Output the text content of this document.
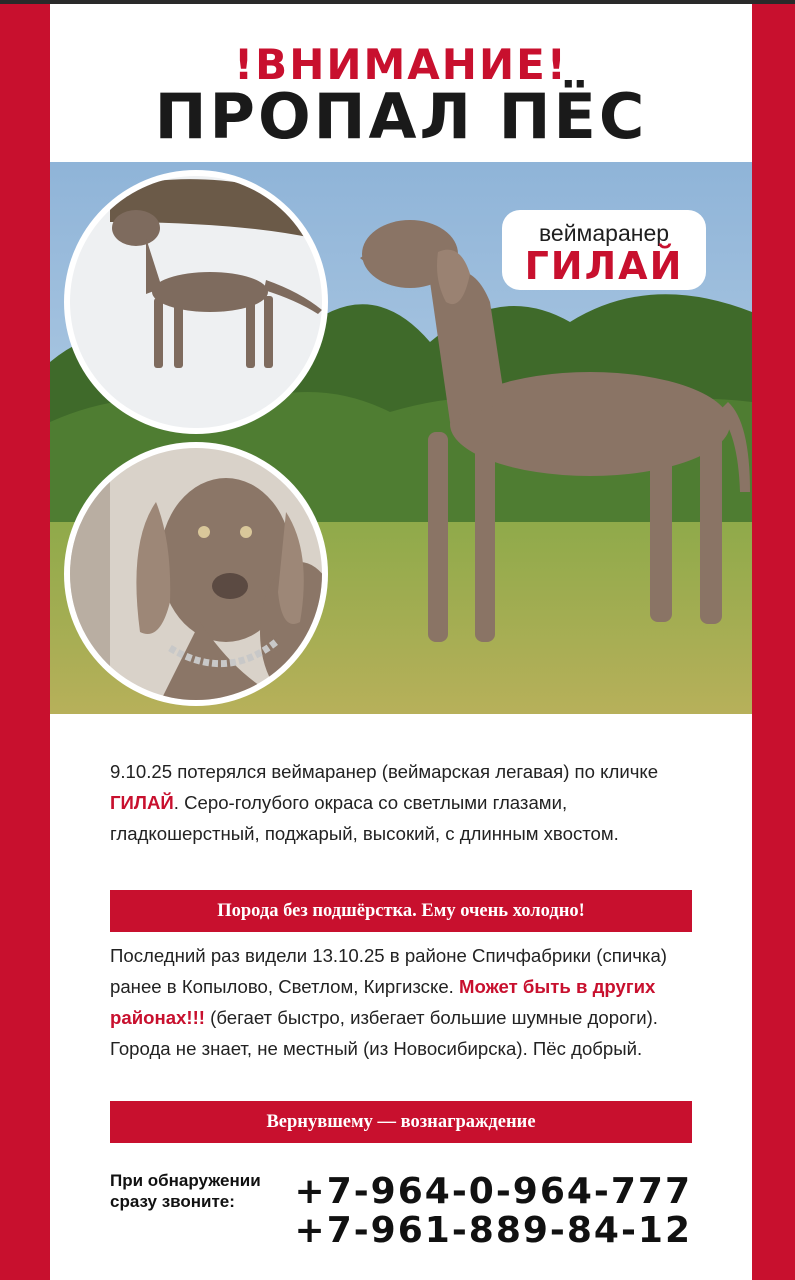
!ВНИМАНИЕ!
ПРОПАЛ ПЁС
веймаранер
ГИЛАЙ
9.10.25 потерялся веймаранер (веймарская легавая) по кличке ГИЛАЙ. Серо-голубого окраса со светлыми глазами, гладкошерстный, поджарый, высокий, с длинным хвостом.
Порода без подшёрстка. Ему очень холодно!
Последний раз видели 13.10.25 в районе Спичфабрики (спичка) ранее в Копылово, Светлом, Киргизске. Может быть в других районах!!! (бегает быстро, избегает большие шумные дороги). Города не знает, не местный (из Новосибирска). Пёс добрый.
Вернувшему — вознаграждение
При обнаружении сразу звоните:	+7-964-0-964-777
+7-961-889-84-12
